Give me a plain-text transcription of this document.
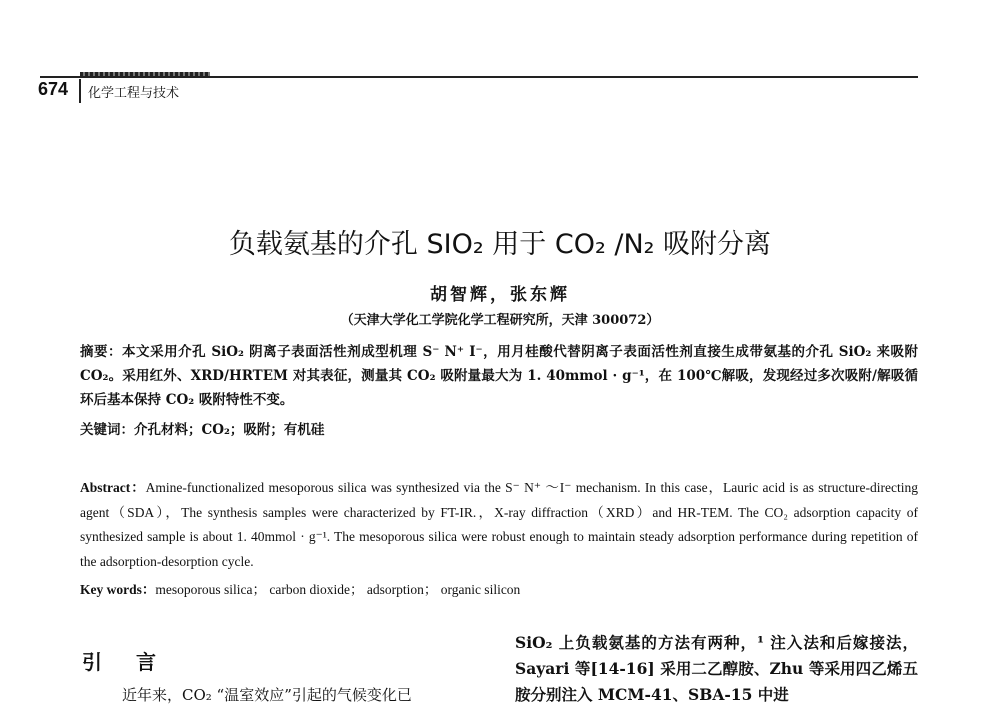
674 化学工程与技术
负载氨基的介孔 SIO₂ 用于 CO₂ /N₂ 吸附分离
胡智辉，张东辉
（天津大学化工学院化学工程研究所，天津 300072）
摘要：本文采用介孔 SiO₂ 阴离子表面活性剂成型机理 S⁻ N⁺ I⁻，用月桂酸代替阴离子表面活性剂直接生成带氨基的介孔 SiO₂ 来吸附 CO₂。采用红外、XRD/HRTEM 对其表征，测量其 CO₂ 吸附量最大为 1. 40mmol · g⁻¹，在 100℃解吸，发现经过多次吸附/解吸循环后基本保持 CO₂ 吸附特性不变。
关键词：介孔材料；CO₂；吸附；有机硅
Abstract：Amine-functionalized mesoporous silica was synthesized via the S⁻ N⁺ ～I⁻ mechanism. In this case，Lauric acid is as structure-directing agent（SDA），The synthesis samples were characterized by FT-IR.，X-ray diffraction（XRD）and HR-TEM. The CO₂ adsorption capacity of synthesized sample is about 1. 40mmol · g⁻¹. The mesoporous silica were robust enough to maintain steady adsorption performance during repetition of the adsorption-desorption cycle.
Key words：mesoporous silica； carbon dioxide； adsorption； organic silicon
引言
近年来，CO₂ “温室效应”引起的气候变化已
SiO₂ 上负载氨基的方法有两种，¹ 注入法和后嫁接法，Sayari 等[14-16] 采用二乙醇胺、Zhu 等采用四乙烯五胺分别注入 MCM-41、SBA-15 中进
